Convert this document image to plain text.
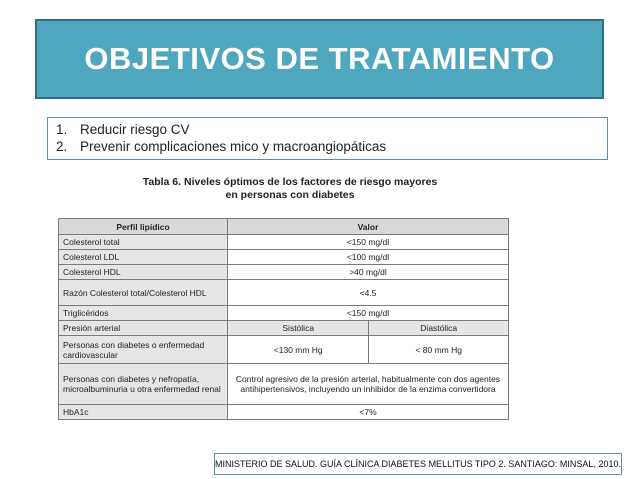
OBJETIVOS DE TRATAMIENTO
1. Reducir riesgo CV
2. Prevenir complicaciones mico y macroangiopáticas
Tabla 6. Niveles óptimos de los factores de riesgo mayores
en personas con diabetes
Perfil lipídico	Valor	
Colesterol total	<150 mg/dl	
Colesterol LDL	<100 mg/dl	
Colesterol HDL	>40 mg/dl	
Razón Colesterol total/Colesterol HDL	<4.5	
Triglicéridos	<150 mg/dl	
Presión arterial	Sistólica	Diastólica
Personas con diabetes o enfermedad cardiovascular	<130 mm Hg	< 80 mm Hg
Personas con diabetes y nefropatía, microalbuminuria u otra enfermedad renal	Control agresivo de la presión arterial, habitualmente con dos agentes antihipertensivos, incluyendo un inhibidor de la enzima convertidora	
HbA1c	<7%	
MINISTERIO DE SALUD. GUÍA CLÍNICA DIABETES MELLITUS TIPO 2. SANTIAGO: MINSAL, 2010.
